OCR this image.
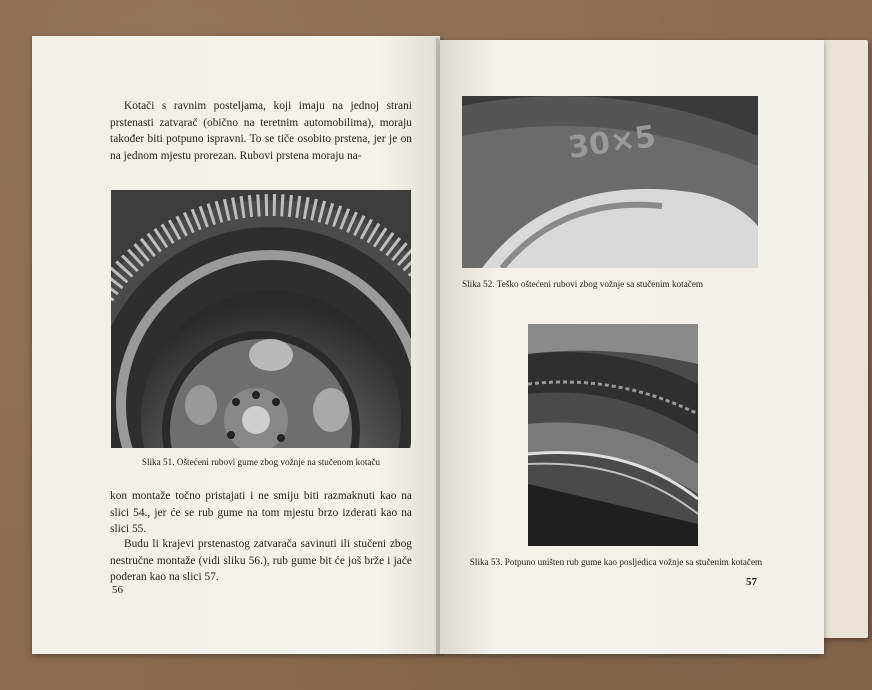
Kotači s ravnim posteljama, koji imaju na jednoj strani prstenasti zatvarač (obično na teretnim automobilima), moraju također biti potpuno ispravni. To se tiče osobito prstena, jer je on na jednom mjestu prorezan. Rubovi prstena moraju na-
Slika 51. Oštećeni rubovi gume zbog vožnje na stučenom kotaču
kon montaže točno pristajati i ne smiju biti razmaknuti kao na slici 54., jer će se rub gume na tom mjestu brzo izderati kao na slici 55.
Budu li krajevi prstenastog zatvarača savinuti ili stučeni zbog nestručne montaže (vidi sliku 56.), rub gume bit će još brže i jače poderan kao na slici 57.
56
30×5
Slika 52. Teško oštećeni rubovi zbog vožnje sa stučenim kotačem
Slika 53. Potpuno uništen rub gume kao posljedica vožnje sa stučenim kotačem
57
